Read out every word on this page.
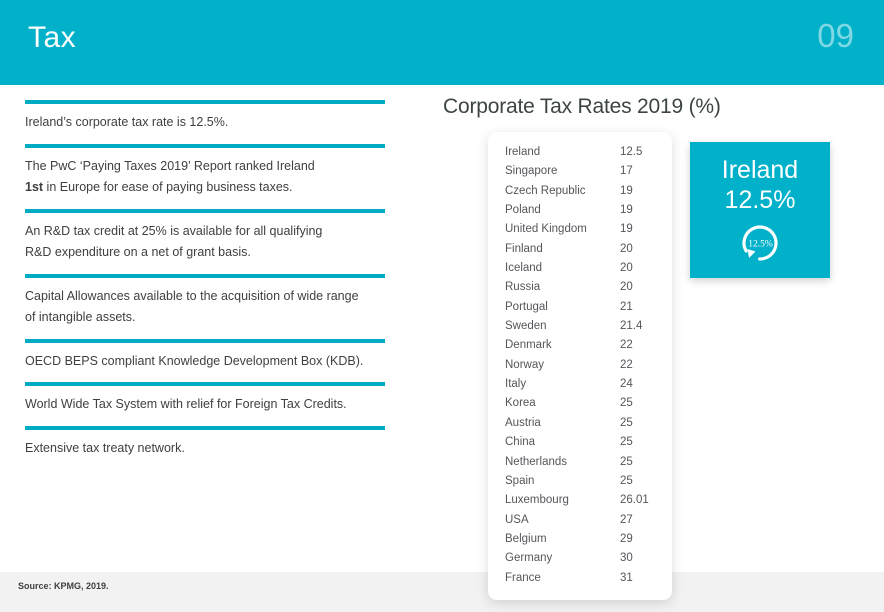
Tax	09
Ireland’s corporate tax rate is 12.5%.
The PwC ‘Paying Taxes 2019’ Report ranked Ireland
1st in Europe for ease of paying business taxes.
An R&D tax credit at 25% is available for all qualifying
R&D expenditure on a net of grant basis.
Capital Allowances available to the acquisition of wide range
of intangible assets.
OECD BEPS compliant Knowledge Development Box (KDB).
World Wide Tax System with relief for Foreign Tax Credits.
Extensive tax treaty network.
Corporate Tax Rates 2019 (%)
Ireland	12.5
Singapore	17
Czech Republic	19
Poland	19
United Kingdom	19
Finland	20
Iceland	20
Russia	20
Portugal	21
Sweden	21.4
Denmark	22
Norway	22
Italy	24
Korea	25
Austria	25
China	25
Netherlands	25
Spain	25
Luxembourg	26.01
USA	27
Belgium	29
Germany	30
France	31
Ireland
12.5%
12.5%
Source: KPMG, 2019.
